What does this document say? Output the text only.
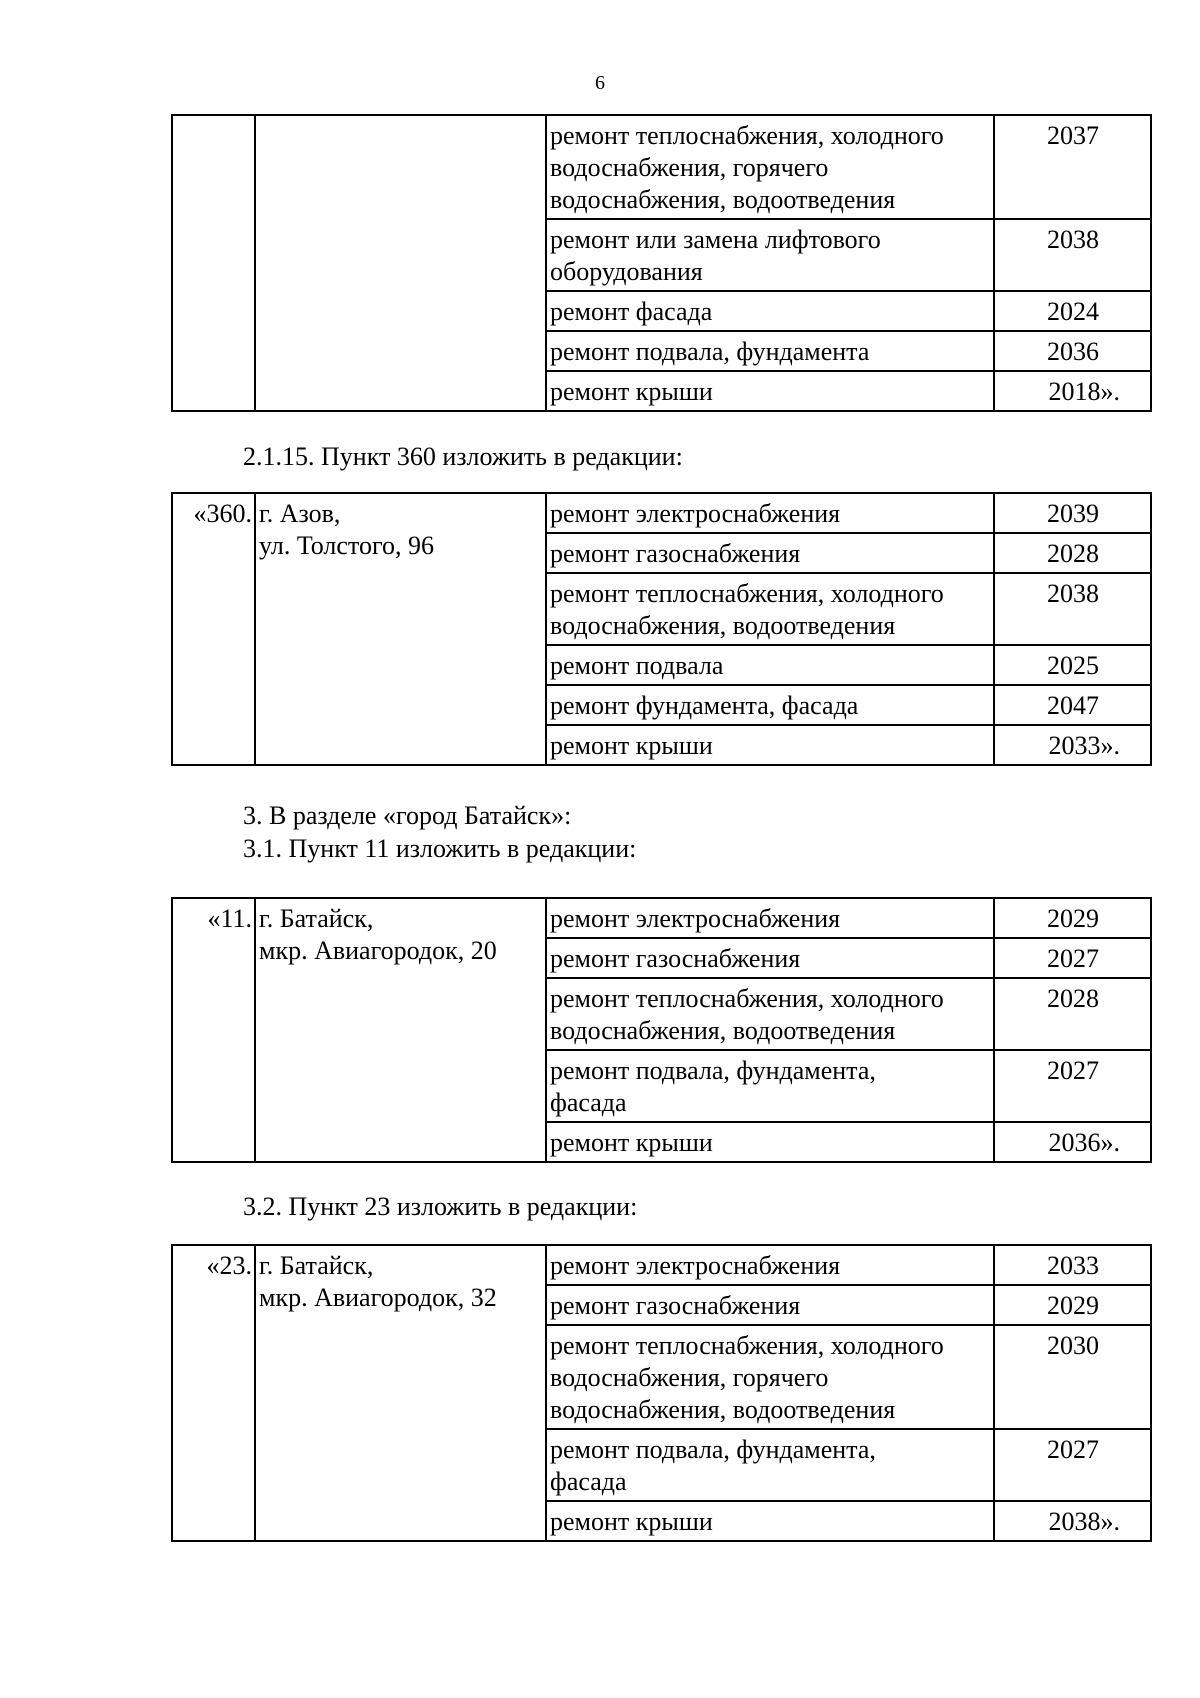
6
		ремонт теплоснабжения, холодного
водоснабжения, горячего
водоснабжения, водоотведения	2037
		ремонт или замена лифтового
оборудования	2038
		ремонт фасада	2024
		ремонт подвала, фундамента	2036
		ремонт крыши	2018».
2.1.15. Пункт 360 изложить в редакции:
«360.	г. Азов,
ул. Толстого, 96	ремонт электроснабжения	2039
		ремонт газоснабжения	2028
		ремонт теплоснабжения, холодного
водоснабжения, водоотведения	2038
		ремонт подвала	2025
		ремонт фундамента, фасада	2047
		ремонт крыши	2033».
3. В разделе «город Батайск»:
3.1. Пункт 11 изложить в редакции:
«11.	г. Батайск,
мкр. Авиагородок, 20	ремонт электроснабжения	2029
		ремонт газоснабжения	2027
		ремонт теплоснабжения, холодного
водоснабжения, водоотведения	2028
		ремонт подвала, фундамента,
фасада	2027
		ремонт крыши	2036».
3.2. Пункт 23 изложить в редакции:
«23.	г. Батайск,
мкр. Авиагородок, 32	ремонт электроснабжения	2033
		ремонт газоснабжения	2029
		ремонт теплоснабжения, холодного
водоснабжения, горячего
водоснабжения, водоотведения	2030
		ремонт подвала, фундамента,
фасада	2027
		ремонт крыши	2038».
